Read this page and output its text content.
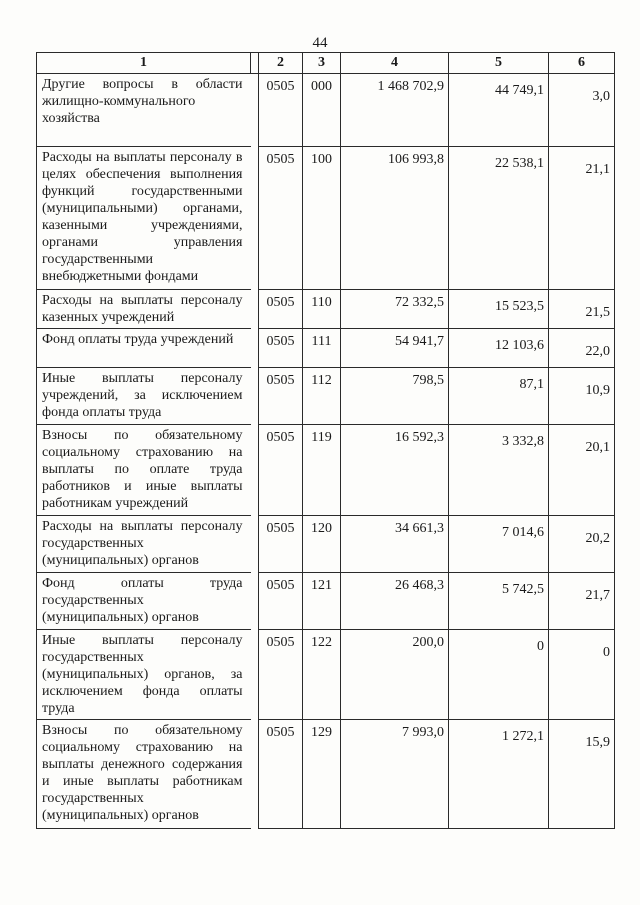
44
1		2	3	4	5	6
Другие вопросы в области жилищно-коммунального хозяйства		0505	000	1 468 702,9	44 749,1	3,0
Расходы на выплаты персоналу в целях обеспечения выполнения функций государственными (муниципальными) органами, казенными учреждениями, органами управления государственными внебюджетными фондами		0505	100	106 993,8	22 538,1	21,1
Расходы на выплаты персоналу казенных учреждений		0505	110	72 332,5	15 523,5	21,5
Фонд оплаты труда учреждений		0505	111	54 941,7	12 103,6	22,0
Иные выплаты персоналу учреждений, за исключением фонда оплаты труда		0505	112	798,5	87,1	10,9
Взносы по обязательному социальному страхованию на выплаты по оплате труда работников и иные выплаты работникам учреждений		0505	119	16 592,3	3 332,8	20,1
Расходы на выплаты персоналу государственных (муниципальных) органов		0505	120	34 661,3	7 014,6	20,2
Фонд оплаты труда государственных (муниципальных) органов		0505	121	26 468,3	5 742,5	21,7
Иные выплаты персоналу государственных (муниципальных) органов, за исключением фонда оплаты труда		0505	122	200,0	0	0
Взносы по обязательному социальному страхованию на выплаты денежного содержания и иные выплаты работникам государственных (муниципальных) органов		0505	129	7 993,0	1 272,1	15,9
